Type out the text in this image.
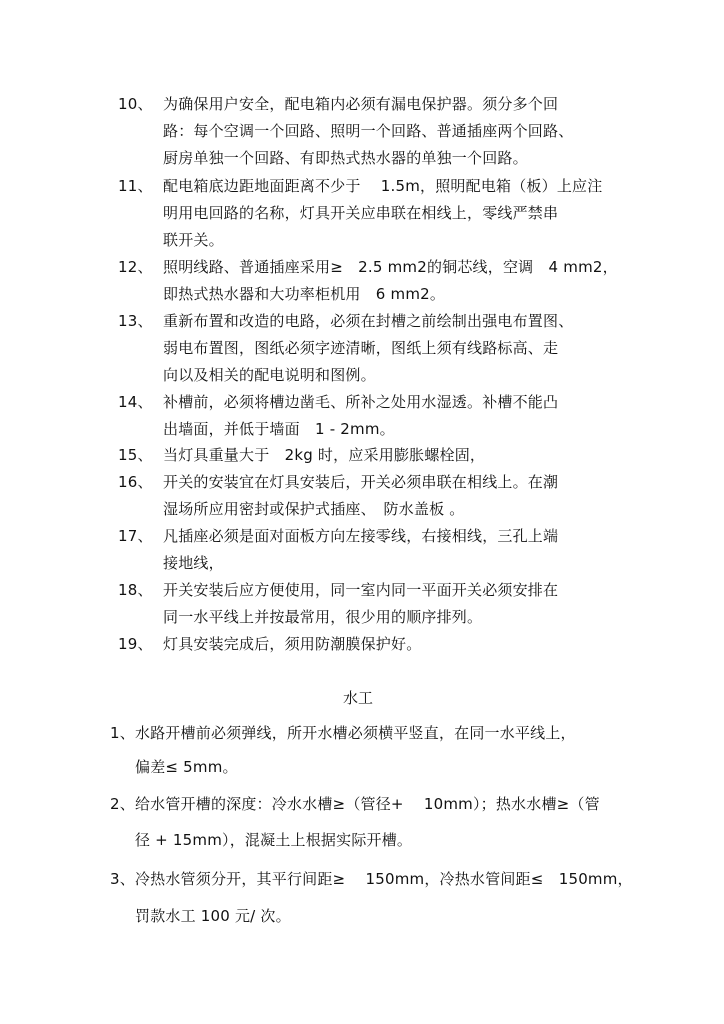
10、 为确保用户安全，配电箱内必须有漏电保护器。须分多个回
路：每个空调一个回路、照明一个回路、普通插座两个回路、
厨房单独一个回路、有即热式热水器的单独一个回路。
11、 配电箱底边距地面距离不少于　 1.5m，照明配电箱（板）上应注
明用电回路的名称，灯具开关应串联在相线上，零线严禁串
联开关。
12、 照明线路、普通插座采用≥　2.5 mm2的铜芯线，空调　4 mm2，
即热式热水器和大功率柜机用　6 mm2。
13、 重新布置和改造的电路，必须在封槽之前绘制出强电布置图、
弱电布置图，图纸必须字迹清晰，图纸上须有线路标高、走
向以及相关的配电说明和图例。
14、 补槽前，必须将槽边凿毛、所补之处用水湿透。补槽不能凸
出墙面，并低于墙面　1 - 2mm。
15、 当灯具重量大于　2kg 时，应采用膨胀螺栓固，
16、 开关的安装宜在灯具安装后，开关必须串联在相线上。在潮
湿场所应用密封或保护式插座、　防水盖板 。
17、 凡插座必须是面对面板方向左接零线，右接相线，三孔上端
接地线，
18、 开关安装后应方便使用，同一室内同一平面开关必须安排在
同一水平线上并按最常用，很少用的顺序排列。
19、 灯具安装完成后，须用防潮膜保护好。
水工
1、水路开槽前必须弹线，所开水槽必须横平竖直，在同一水平线上，
偏差≤ 5mm。
2、给水管开槽的深度：冷水水槽≥（管径+　 10mm）；热水水槽≥（管
径 + 15mm），混凝土上根据实际开槽。
3、冷热水管须分开，其平行间距≥　 150mm，冷热水管间距≤　150mm，
罚款水工 100 元/ 次。
